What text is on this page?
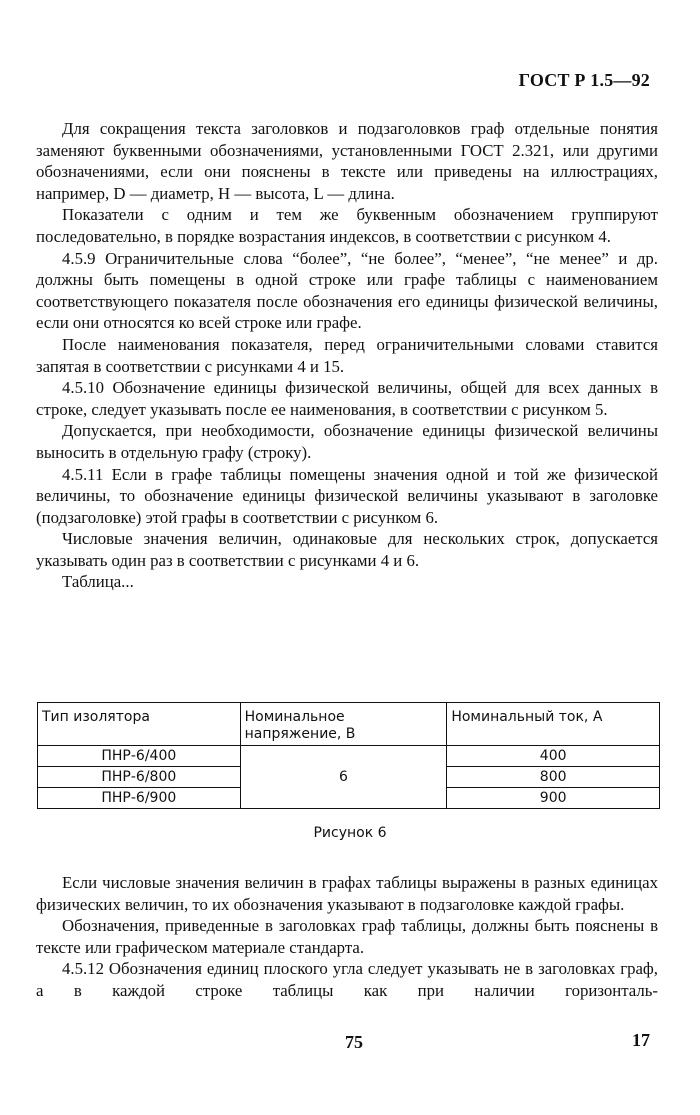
ГОСТ Р 1.5—92

Для сокращения текста заголовков и подзаголовков граф отдельные понятия заменяют буквенными обозначениями, установленными ГОСТ 2.321, или другими обозначениями, если они пояснены в тексте или приведены на иллюстрациях, например, D — диаметр, H — высота, L — длина.

Показатели с одним и тем же буквенным обозначением группируют последовательно, в порядке возрастания индексов, в соответствии с рисунком 4.

4.5.9 Ограничительные слова “более”, “не более”, “менее”, “не менее” и др. должны быть помещены в одной строке или графе таблицы с наименованием соответствующего показателя после обозначения его единицы физической величины, если они относятся ко всей строке или графе.

После наименования показателя, перед ограничительными словами ставится запятая в соответствии с рисунками 4 и 15.

4.5.10 Обозначение единицы физической величины, общей для всех данных в строке, следует указывать после ее наименования, в соответствии с рисунком 5.

Допускается, при необходимости, обозначение единицы физической величины выносить в отдельную графу (строку).

4.5.11 Если в графе таблицы помещены значения одной и той же физической величины, то обозначение единицы физической величины указывают в заголовке (подзаголовке) этой графы в соответствии с рисунком 6.

Числовые значения величин, одинаковые для нескольких строк, допускается указывать один раз в соответствии с рисунками 4 и 6.

Таблица...

Тип изолятора	Номинальное напряжение, В	Номинальный ток, А
ПНР-6/400	6	400
ПНР-6/800		800
ПНР-6/900		900
Рисунок 6

Если числовые значения величин в графах таблицы выражены в разных единицах физических величин, то их обозначения указывают в подзаголовке каждой графы.

Обозначения, приведенные в заголовках граф таблицы, должны быть пояснены в тексте или графическом материале стандарта.

4.5.12 Обозначения единиц плоского угла следует указывать не в заголовках граф, а в каждой строке таблицы как при наличии горизонталь-

75	17
